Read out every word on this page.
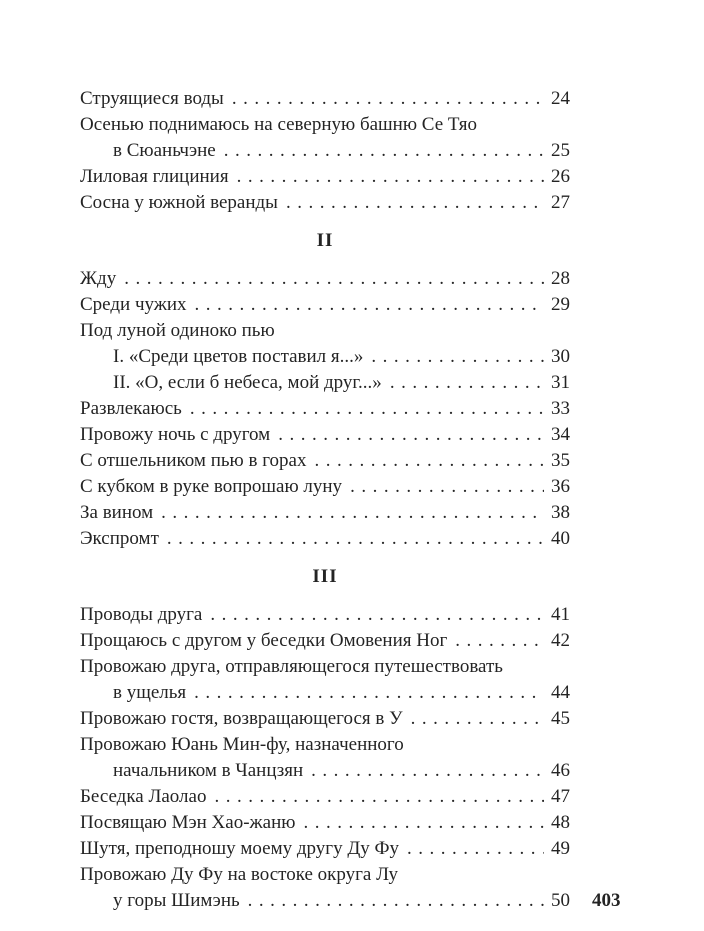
Струящиеся воды .....	24
Осенью поднимаюсь на северную башню Се Тяо
в Сюаньчэне .....	25
Лиловая глициния .....	26
Сосна у южной веранды .....	27
II
Жду .....	28
Среди чужих .....	29
Под луной одиноко пью
I. «Среди цветов поставил я...» .....	30
II. «О, если б небеса, мой друг...» .....	31
Развлекаюсь .....	33
Провожу ночь с другом .....	34
С отшельником пью в горах .....	35
С кубком в руке вопрошаю луну .....	36
За вином .....	38
Экспромт .....	40
III
Проводы друга .....	41
Прощаюсь с другом у беседки Омовения Ног .....	42
Провожаю друга, отправляющегося путешествовать
в ущелья .....	44
Провожаю гостя, возвращающегося в У .....	45
Провожаю Юань Мин-фу, назначенного
начальником в Чанцзян .....	46
Беседка Лаолао .....	47
Посвящаю Мэн Хао-жаню .....	48
Шутя, преподношу моему другу Ду Фу .....	49
Провожаю Ду Фу на востоке округа Лу
у горы Шимэнь .....	50 403
